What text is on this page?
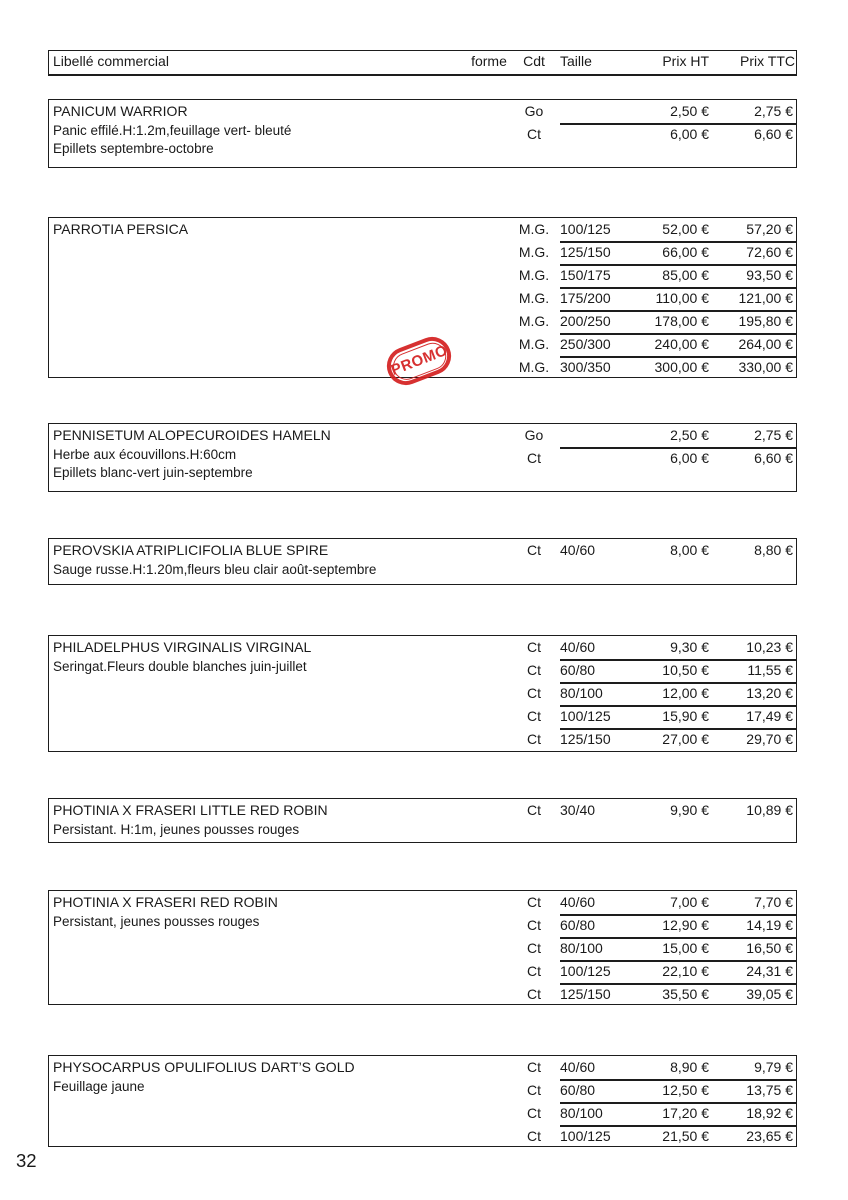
Libellé commercial	forme	Cdt	Taille	Prix HT Prix TTC
PANICUM WARRIOR
Panic effilé.H:1.2m,feuillage vert- bleuté
Epillets septembre-octobre
Go	2,50 €	2,75 €
Ct	6,00 €	6,60 €
PARROTIA PERSICA	M.G. 100/125	52,00 €	57,20 €
M.G. 125/150	66,00 €	72,60 €
M.G. 150/175	85,00 €	93,50 €
M.G. 175/200	110,00 € 121,00 €
M.G. 200/250	178,00 € 195,80 €
M.G. 250/300	240,00 € 264,00 €
M.G. 300/350	300,00 € 330,00 €
PROMO
PENNISETUM ALOPECUROIDES HAMELN
Herbe aux écouvillons.H:60cm
Epillets blanc-vert juin-septembre
Go	2,50 €	2,75 €
Ct	6,00 €	6,60 €
PEROVSKIA ATRIPLICIFOLIA BLUE SPIRE
Sauge russe.H:1.20m,fleurs bleu clair août-septembre
Ct	40/60	8,00 €	8,80 €
PHILADELPHUS VIRGINALIS VIRGINAL
Seringat.Fleurs double blanches juin-juillet
Ct	40/60	9,30 €	10,23 €
Ct	60/80	10,50 €	11,55 €
Ct	80/100	12,00 €	13,20 €
Ct	100/125	15,90 €	17,49 €
Ct	125/150	27,00 €	29,70 €
PHOTINIA X FRASERI LITTLE RED ROBIN
Persistant. H:1m, jeunes pousses rouges
Ct	30/40	9,90 €	10,89 €
PHOTINIA X FRASERI RED ROBIN
Persistant, jeunes pousses rouges
Ct	40/60	7,00 €	7,70 €
Ct	60/80	12,90 €	14,19 €
Ct	80/100	15,00 €	16,50 €
Ct	100/125	22,10 €	24,31 €
Ct	125/150	35,50 €	39,05 €
PHYSOCARPUS OPULIFOLIUS DART’S GOLD
Feuillage jaune
Ct	40/60	8,90 €	9,79 €
Ct	60/80	12,50 €	13,75 €
Ct	80/100	17,20 €	18,92 €
Ct	100/125	21,50 €	23,65 €
32
